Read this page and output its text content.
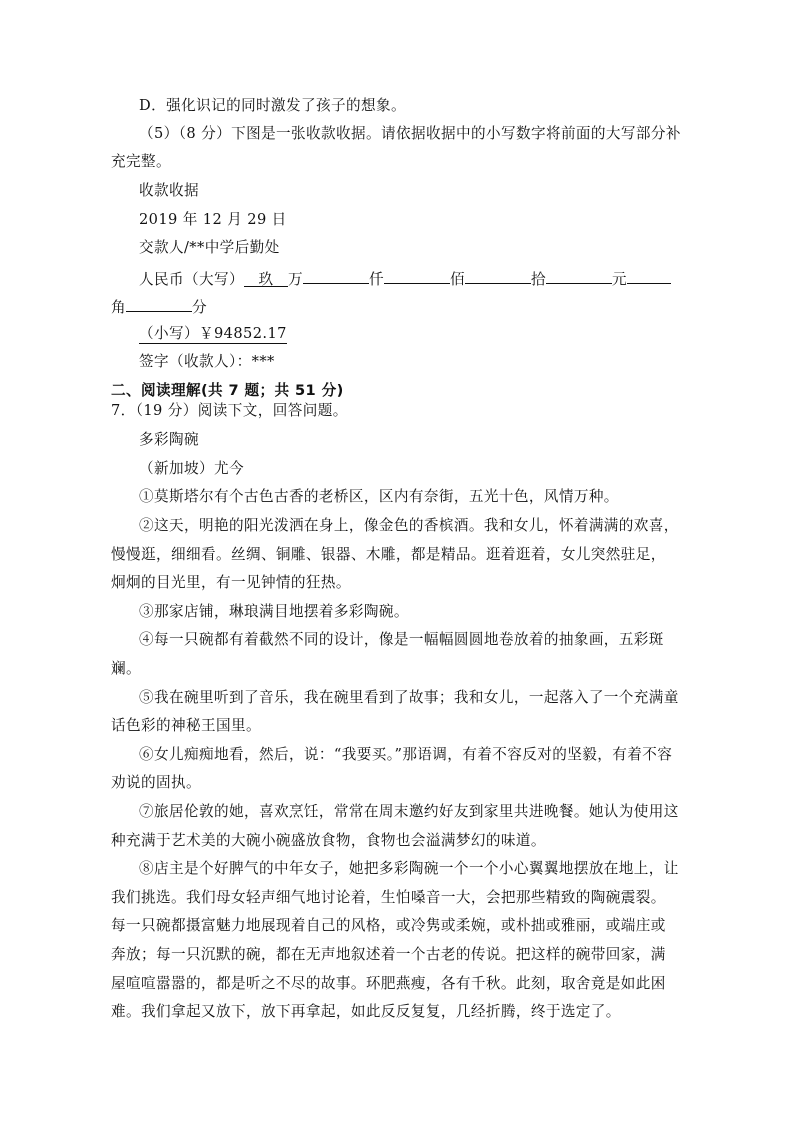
D．强化识记的同时激发了孩子的想象。
（5）（8 分）下图是一张收款收据。请依据收据中的小写数字将前面的大写部分补
充完整。
收款收据
2019 年 12 月 29 日
交款人/**中学后勤处
人民币（大写） 玖 万	仟	佰	拾	元
角	分
（小写）￥94852.17
签字（收款人）：***
二、阅读理解(共 7 题；共 51 分)
7．（19 分）阅读下文，回答问题。
多彩陶碗
（新加坡）尤今
①莫斯塔尔有个古色古香的老桥区，区内有奈街，五光十色，风情万种。
②这天，明艳的阳光泼洒在身上，像金色的香槟酒。我和女儿，怀着满满的欢喜，
慢慢逛，细细看。丝绸、铜雕、银器、木雕，都是精品。逛着逛着，女儿突然驻足，
炯炯的目光里，有一见钟情的狂热。
③那家店铺，琳琅满目地摆着多彩陶碗。
④每一只碗都有着截然不同的设计，像是一幅幅圆圆地卷放着的抽象画，五彩斑
斓。
⑤我在碗里听到了音乐，我在碗里看到了故事；我和女儿，一起落入了一个充满童
话色彩的神秘王国里。
⑥女儿痴痴地看，然后，说：“我要买。”那语调，有着不容反对的坚毅，有着不容
劝说的固执。
⑦旅居伦敦的她，喜欢烹饪，常常在周末邀约好友到家里共进晚餐。她认为使用这
种充满于艺术美的大碗小碗盛放食物，食物也会溢满梦幻的味道。
⑧店主是个好脾气的中年女子，她把多彩陶碗一个一个小心翼翼地摆放在地上，让
我们挑选。我们母女轻声细气地讨论着，生怕嗓音一大，会把那些精致的陶碗震裂。
每一只碗都摄富魅力地展现着自己的风格，或冷隽或柔婉，或朴拙或雅丽，或端庄或
奔放；每一只沉默的碗，都在无声地叙述着一个古老的传说。把这样的碗带回家，满
屋喧喧嚣嚣的，都是听之不尽的故事。环肥燕瘦，各有千秋。此刻，取舍竟是如此困
难。我们拿起又放下，放下再拿起，如此反反复复，几经折腾，终于选定了。
